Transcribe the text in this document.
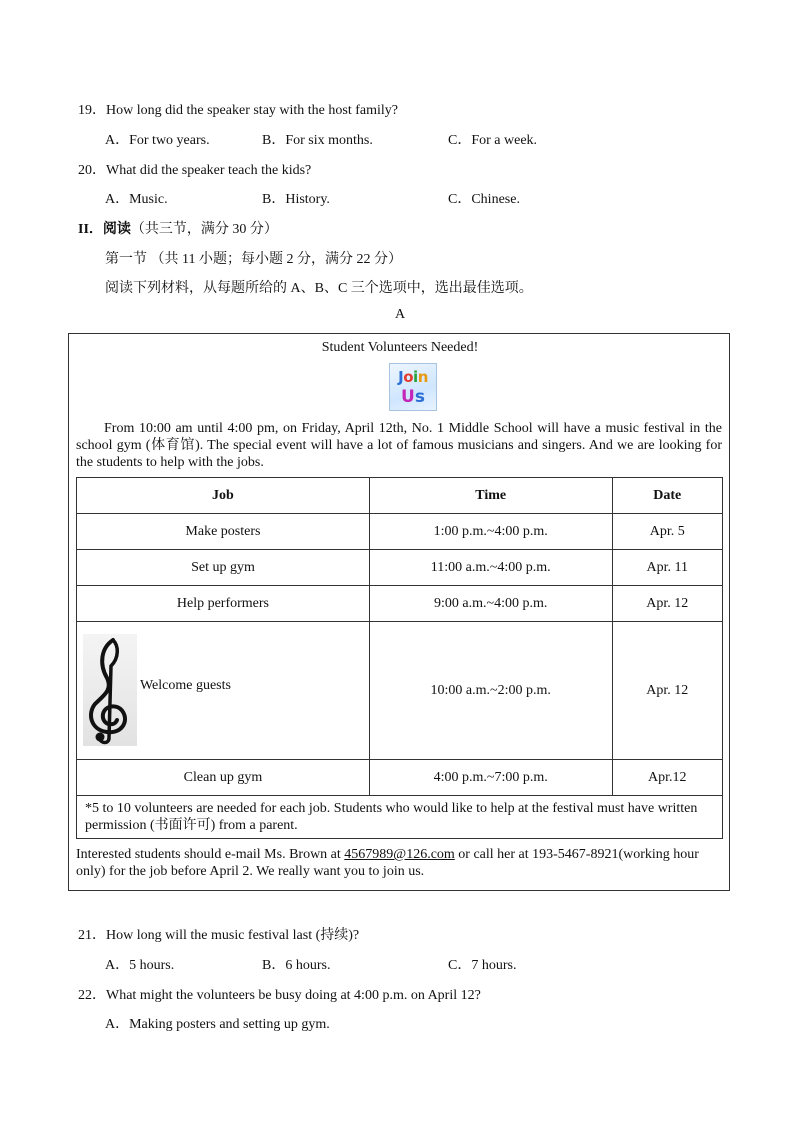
19．How long did the speaker stay with the host family?
A．For two years.	B．For six months.	C．For a week.
20．What did the speaker teach the kids?
A．Music.	B．History.	C．Chinese.
II．阅读（共三节，满分 30 分）
第一节 （共 11 小题；每小题 2 分，满分 22 分）
阅读下列材料，从每题所给的 A、B、C 三个选项中，选出最佳选项。
A
Student Volunteers Needed!
Join
Us
From 10:00 am until 4:00 pm, on Friday, April 12th, No. 1 Middle School will have a music festival in the
school gym (体育馆). The special event will have a lot of famous musicians and singers. And we are looking for
the students to help with the jobs.
Job	Time	Date
Make posters	1:00 p.m.~4:00 p.m.	Apr. 5
Set up gym	11:00 a.m.~4:00 p.m.	Apr. 11
Help performers	9:00 a.m.~4:00 p.m.	Apr. 12

Welcome guests	10:00 a.m.~2:00 p.m.	Apr. 12
Clean up gym	4:00 p.m.~7:00 p.m.	Apr.12

*5 to 10 volunteers are needed for each job. Students who would like to help at the festival must have written
permission (书面许可) from a parent.		
Interested students should e-mail Ms. Brown at 4567989@126.com or call her at 193-5467-8921(working hour
only) for the job before April 2. We really want you to join us.
21．How long will the music festival last (持续)?
A．5 hours.	B．6 hours.	C．7 hours.
22．What might the volunteers be busy doing at 4:00 p.m. on April 12?
A．Making posters and setting up gym.
